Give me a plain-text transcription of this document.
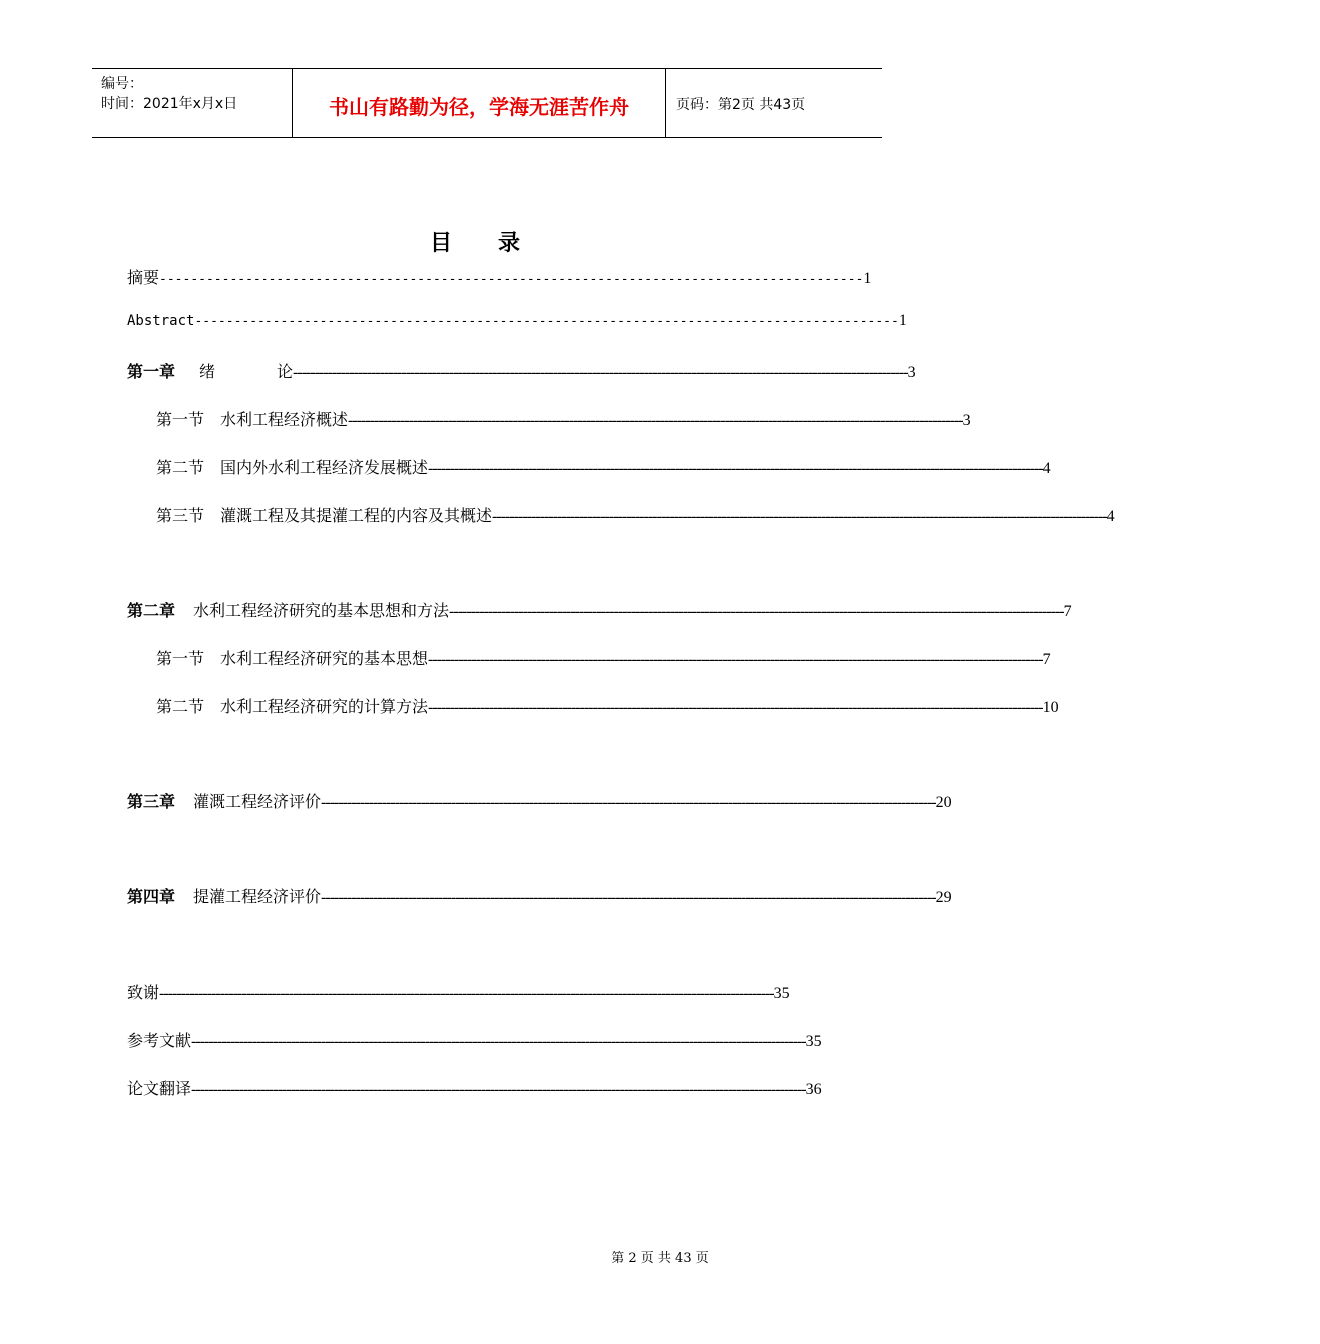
编号：
时间：2021年x月x日	书山有路勤为径，学海无涯苦作舟	页码：第2页 共43页
目录
摘要 ------------------------------------------------------------------------------------------ 1
Abstract ------------------------------------------------------------------------------------------ 1
第一章 绪	论 ---------------------------------------------------------------------------------------------------------------------------------------------- 3
第一节　水利工程经济概述 ---------------------------------------------------------------------------------------------------------------------------------------------- 3
第二节　国内外水利工程经济发展概述 ---------------------------------------------------------------------------------------------------------------------------------------------- 4
第三节　灌溉工程及其提灌工程的内容及其概述 ---------------------------------------------------------------------------------------------------------------------------------------------- 4
第二章 水利工程经济研究的基本思想和方法 ---------------------------------------------------------------------------------------------------------------------------------------------- 7
第一节　水利工程经济研究的基本思想 ---------------------------------------------------------------------------------------------------------------------------------------------- 7
第二节　水利工程经济研究的计算方法 ---------------------------------------------------------------------------------------------------------------------------------------------- 10
第三章 灌溉工程经济评价 ---------------------------------------------------------------------------------------------------------------------------------------------- 20
第四章 提灌工程经济评价 ---------------------------------------------------------------------------------------------------------------------------------------------- 29
致谢 ---------------------------------------------------------------------------------------------------------------------------------------------- 35
参考文献 ---------------------------------------------------------------------------------------------------------------------------------------------- 35
论文翻译 ---------------------------------------------------------------------------------------------------------------------------------------------- 36
第 2 页 共 43 页
